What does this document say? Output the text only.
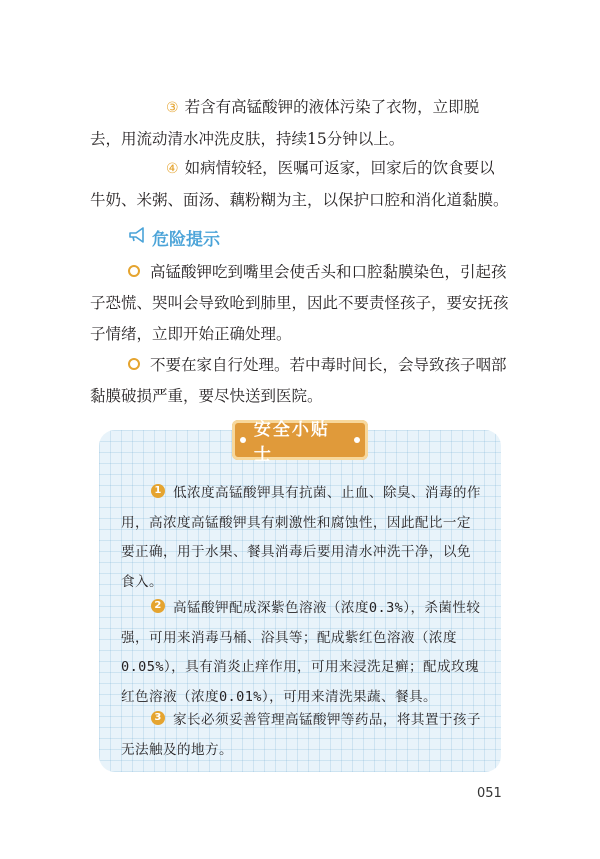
③ 若含有高锰酸钾的液体污染了衣物，立即脱去，用流动清水冲洗皮肤，持续15分钟以上。

④ 如病情较轻，医嘱可返家，回家后的饮食要以牛奶、米粥、面汤、藕粉糊为主，以保护口腔和消化道黏膜。

危险提示

高锰酸钾吃到嘴里会使舌头和口腔黏膜染色，引起孩子恐慌、哭叫会导致呛到肺里，因此不要责怪孩子，要安抚孩子情绪，立即开始正确处理。

不要在家自行处理。若中毒时间长，会导致孩子咽部黏膜破损严重，要尽快送到医院。

安全小贴士

1 低浓度高锰酸钾具有抗菌、止血、除臭、消毒的作用，高浓度高锰酸钾具有刺激性和腐蚀性，因此配比一定要正确，用于水果、餐具消毒后要用清水冲洗干净，以免食入。

2 高锰酸钾配成深紫色溶液（浓度0.3%），杀菌性较强，可用来消毒马桶、浴具等；配成紫红色溶液（浓度0.05%），具有消炎止痒作用，可用来浸洗足癣；配成玫瑰红色溶液（浓度0.01%），可用来清洗果蔬、餐具。

3 家长必须妥善管理高锰酸钾等药品，将其置于孩子无法触及的地方。

051
